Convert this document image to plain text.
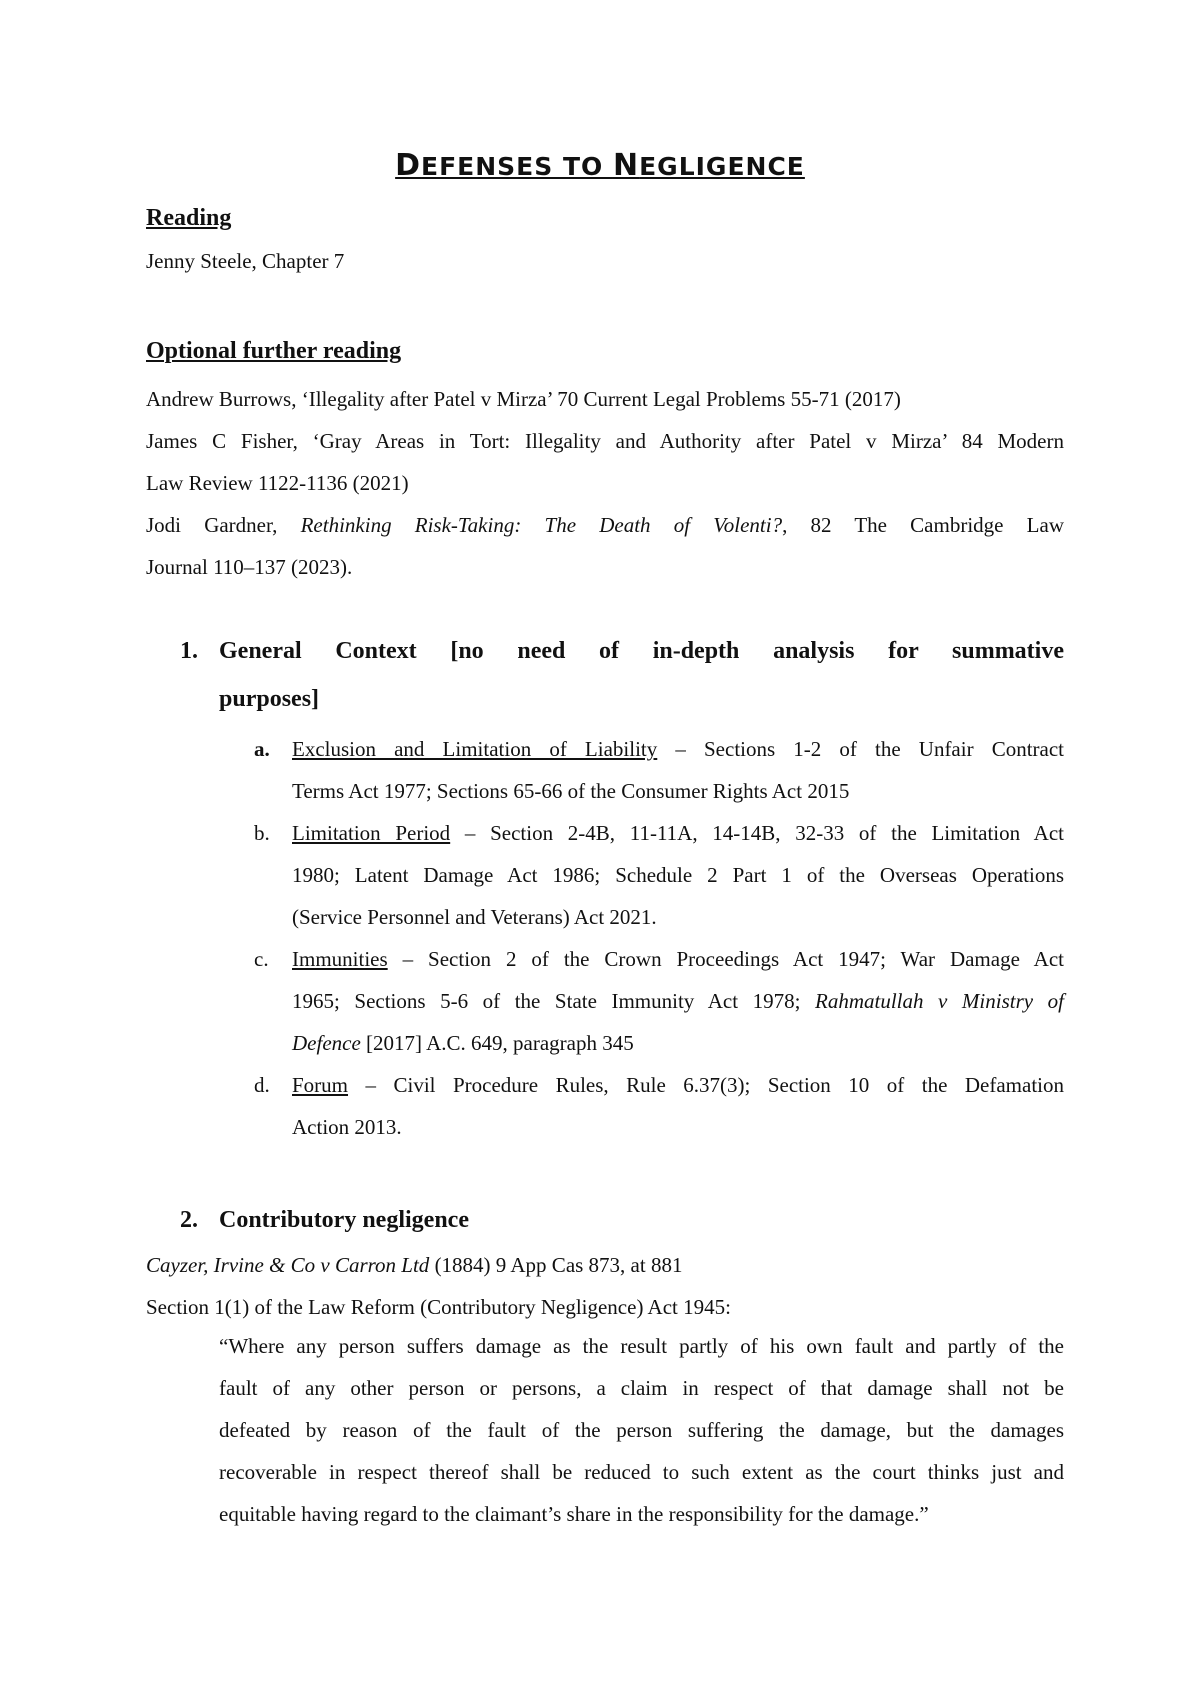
DEFENSES TO NEGLIGENCE
Reading

Jenny Steele, Chapter 7

Optional further reading

Andrew Burrows, ‘Illegality after Patel v Mirza’ 70 Current Legal Problems 55-71 (2017)

James C Fisher, ‘Gray Areas in Tort: Illegality and Authority after Patel v Mirza’ 84 Modern

Law Review 1122-1136 (2021)

Jodi Gardner, Rethinking Risk-Taking: The Death of Volenti?, 82 The Cambridge Law

Journal 110–137 (2023).

1. General Context [no need of in-depth analysis for summative

purposes]

a. Exclusion and Limitation of Liability – Sections 1-2 of the Unfair Contract

Terms Act 1977; Sections 65-66 of the Consumer Rights Act 2015

b. Limitation Period – Section 2-4B, 11-11A, 14-14B, 32-33 of the Limitation Act

1980; Latent Damage Act 1986; Schedule 2 Part 1 of the Overseas Operations

(Service Personnel and Veterans) Act 2021.

c. Immunities – Section 2 of the Crown Proceedings Act 1947; War Damage Act

1965; Sections 5-6 of the State Immunity Act 1978; Rahmatullah v Ministry of

Defence [2017] A.C. 649, paragraph 345

d. Forum – Civil Procedure Rules, Rule 6.37(3); Section 10 of the Defamation

Action 2013.

2. Contributory negligence

Cayzer, Irvine & Co v Carron Ltd (1884) 9 App Cas 873, at 881

Section 1(1) of the Law Reform (Contributory Negligence) Act 1945:

“Where any person suffers damage as the result partly of his own fault and partly of the

fault of any other person or persons, a claim in respect of that damage shall not be

defeated by reason of the fault of the person suffering the damage, but the damages

recoverable in respect thereof shall be reduced to such extent as the court thinks just and

equitable having regard to the claimant’s share in the responsibility for the damage.”
